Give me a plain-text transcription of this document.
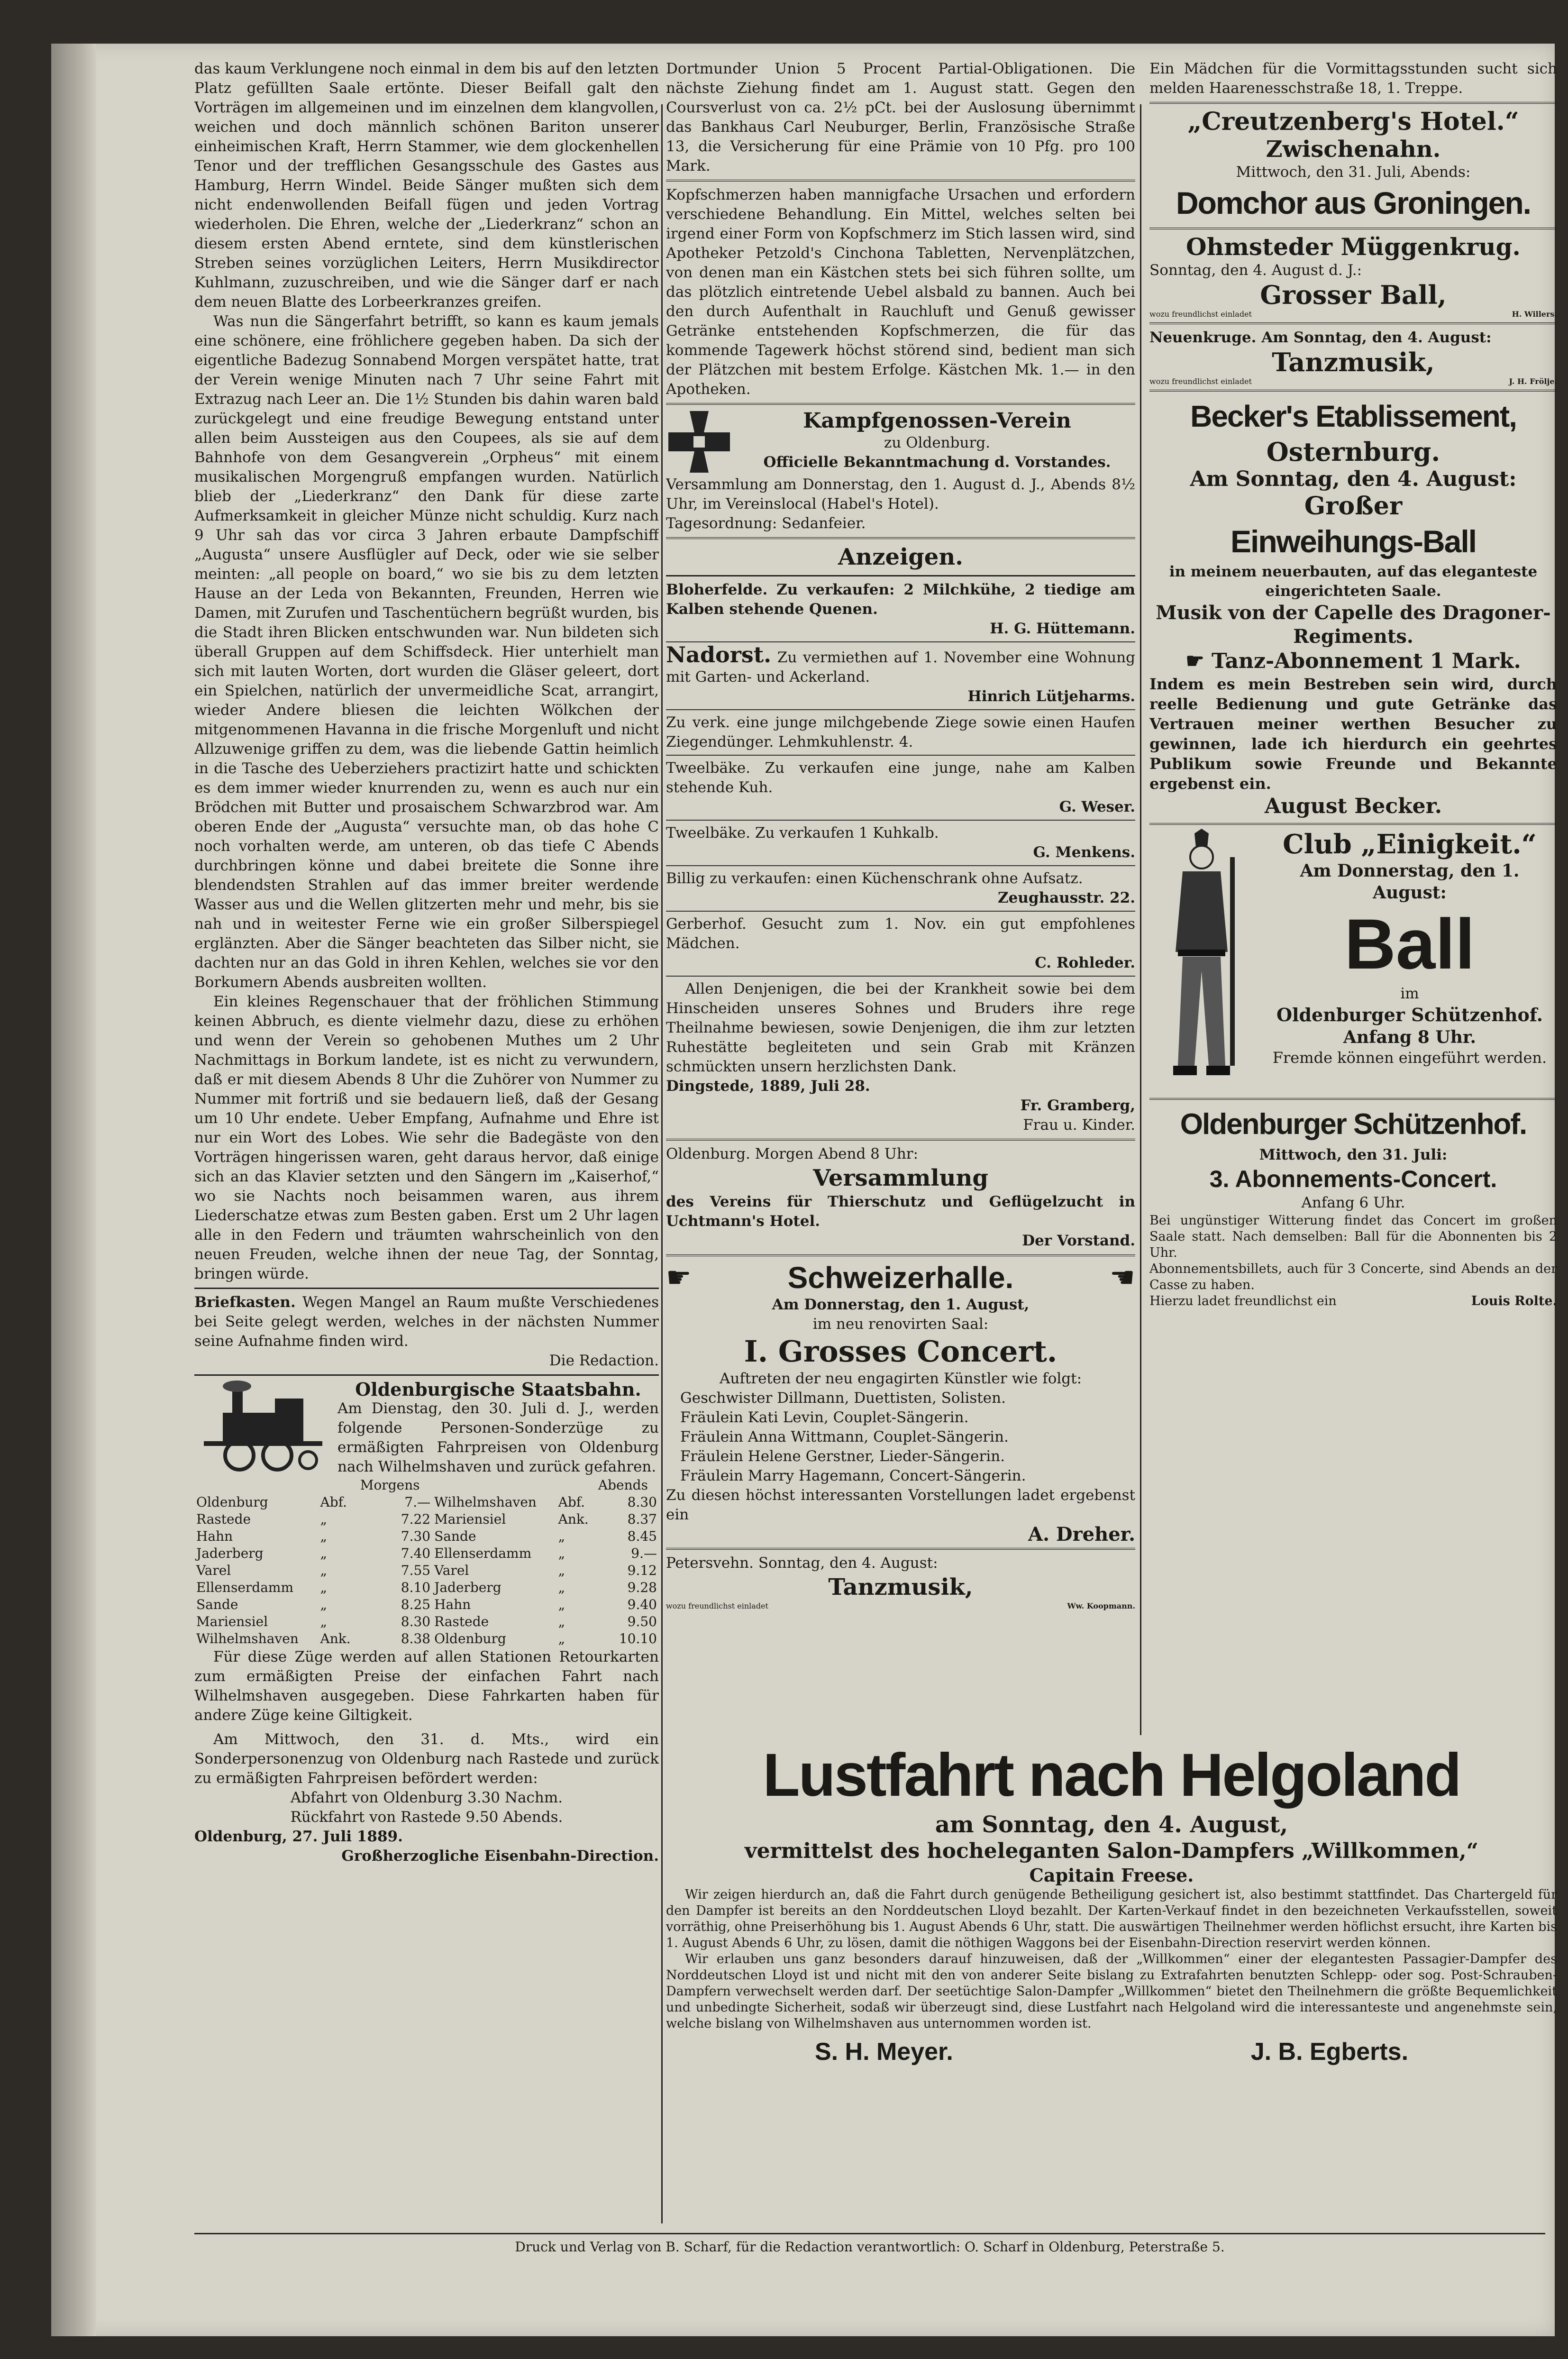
das kaum Verklungene noch einmal in dem bis auf den letzten Platz gefüllten Saale ertönte. Dieser Beifall galt den Vorträgen im allgemeinen und im einzelnen dem klangvollen, weichen und doch männlich schönen Bariton unserer einheimischen Kraft, Herrn Stammer, wie dem glockenhellen Tenor und der trefflichen Gesangsschule des Gastes aus Hamburg, Herrn Windel. Beide Sänger mußten sich dem nicht endenwollenden Beifall fügen und jeden Vortrag wiederholen. Die Ehren, welche der „Liederkranz“ schon an diesem ersten Abend erntete, sind dem künstlerischen Streben seines vorzüglichen Leiters, Herrn Musikdirector Kuhlmann, zuzuschreiben, und wie die Sänger darf er nach dem neuen Blatte des Lorbeerkranzes greifen.

Was nun die Sängerfahrt betrifft, so kann es kaum jemals eine schönere, eine fröhlichere gegeben haben. Da sich der eigentliche Badezug Sonnabend Morgen verspätet hatte, trat der Verein wenige Minuten nach 7 Uhr seine Fahrt mit Extrazug nach Leer an. Die 1½ Stunden bis dahin waren bald zurückgelegt und eine freudige Bewegung entstand unter allen beim Aussteigen aus den Coupees, als sie auf dem Bahnhofe von dem Gesangverein „Orpheus“ mit einem musikalischen Morgengruß empfangen wurden. Natürlich blieb der „Liederkranz“ den Dank für diese zarte Aufmerksamkeit in gleicher Münze nicht schuldig. Kurz nach 9 Uhr sah das vor circa 3 Jahren erbaute Dampfschiff „Augusta“ unsere Ausflügler auf Deck, oder wie sie selber meinten: „all people on board,“ wo sie bis zu dem letzten Hause an der Leda von Bekannten, Freunden, Herren wie Damen, mit Zurufen und Taschentüchern begrüßt wurden, bis die Stadt ihren Blicken entschwunden war. Nun bildeten sich überall Gruppen auf dem Schiffsdeck. Hier unterhielt man sich mit lauten Worten, dort wurden die Gläser geleert, dort ein Spielchen, natürlich der unvermeidliche Scat, arrangirt, wieder Andere bliesen die leichten Wölkchen der mitgenommenen Havanna in die frische Morgenluft und nicht Allzuwenige griffen zu dem, was die liebende Gattin heimlich in die Tasche des Ueberziehers practizirt hatte und schickten es dem immer wieder knurrenden zu, wenn es auch nur ein Brödchen mit Butter und prosaischem Schwarzbrod war. Am oberen Ende der „Augusta“ versuchte man, ob das hohe C noch vorhalten werde, am unteren, ob das tiefe C Abends durchbringen könne und dabei breitete die Sonne ihre blendendsten Strahlen auf das immer breiter werdende Wasser aus und die Wellen glitzerten mehr und mehr, bis sie nah und in weitester Ferne wie ein großer Silberspiegel erglänzten. Aber die Sänger beachteten das Silber nicht, sie dachten nur an das Gold in ihren Kehlen, welches sie vor den Borkumern Abends ausbreiten wollten.

Ein kleines Regenschauer that der fröhlichen Stimmung keinen Abbruch, es diente vielmehr dazu, diese zu erhöhen und wenn der Verein so gehobenen Muthes um 2 Uhr Nachmittags in Borkum landete, ist es nicht zu verwundern, daß er mit diesem Abends 8 Uhr die Zuhörer von Nummer zu Nummer mit fortriß und sie bedauern ließ, daß der Gesang um 10 Uhr endete. Ueber Empfang, Aufnahme und Ehre ist nur ein Wort des Lobes. Wie sehr die Badegäste von den Vorträgen hingerissen waren, geht daraus hervor, daß einige sich an das Klavier setzten und den Sängern im „Kaiserhof,“ wo sie Nachts noch beisammen waren, aus ihrem Liederschatze etwas zum Besten gaben. Erst um 2 Uhr lagen alle in den Federn und träumten wahrscheinlich von den neuen Freuden, welche ihnen der neue Tag, der Sonntag, bringen würde.

Briefkasten. Wegen Mangel an Raum mußte Verschiedenes bei Seite gelegt werden, welches in der nächsten Nummer seine Aufnahme finden wird.

Die Redaction.

Oldenburgische Staatsbahn.

Am Dienstag, den 30. Juli d. J., werden folgende Personen-Sonderzüge zu ermäßigten Fahrpreisen von Oldenburg nach Wilhelmshaven und zurück gefahren.

		Morgens			Abends
Oldenburg	Abf.	7.—	Wilhelmshaven	Abf.	8.30
Rastede	„	7.22	Mariensiel	Ank.	8.37
Hahn	„	7.30	Sande	„	8.45
Jaderberg	„	7.40	Ellenserdamm	„	9.—
Varel	„	7.55	Varel	„	9.12
Ellenserdamm	„	8.10	Jaderberg	„	9.28
Sande	„	8.25	Hahn	„	9.40
Mariensiel	„	8.30	Rastede	„	9.50
Wilhelmshaven	Ank.	8.38	Oldenburg	„	10.10

Für diese Züge werden auf allen Stationen Retourkarten zum ermäßigten Preise der einfachen Fahrt nach Wilhelmshaven ausgegeben. Diese Fahrkarten haben für andere Züge keine Giltigkeit.

Am Mittwoch, den 31. d. Mts., wird ein Sonderpersonenzug von Oldenburg nach Rastede und zurück zu ermäßigten Fahrpreisen befördert werden:

Abfahrt von Oldenburg 3.30 Nachm.

Rückfahrt von Rastede 9.50 Abends.

Oldenburg, 27. Juli 1889.

Großherzogliche Eisenbahn-Direction.

Dortmunder Union 5 Procent Partial-Obligationen. Die nächste Ziehung findet am 1. August statt. Gegen den Coursverlust von ca. 2½ pCt. bei der Auslosung übernimmt das Bankhaus Carl Neuburger, Berlin, Französische Straße 13, die Versicherung für eine Prämie von 10 Pfg. pro 100 Mark.

Kopfschmerzen haben mannigfache Ursachen und erfordern verschiedene Behandlung. Ein Mittel, welches selten bei irgend einer Form von Kopfschmerz im Stich lassen wird, sind Apotheker Petzold's Cinchona Tabletten, Nervenplätzchen, von denen man ein Kästchen stets bei sich führen sollte, um das plötzlich eintretende Uebel alsbald zu bannen. Auch bei den durch Aufenthalt in Rauchluft und Genuß gewisser Getränke entstehenden Kopfschmerzen, die für das kommende Tagewerk höchst störend sind, bedient man sich der Plätzchen mit bestem Erfolge. Kästchen Mk. 1.— in den Apotheken.

Kampfgenossen-Verein

zu Oldenburg.

Officielle Bekanntmachung d. Vorstandes.

Versammlung am Donnerstag, den 1. August d. J., Abends 8½ Uhr, im Vereinslocal (Habel's Hotel).

Tagesordnung: Sedanfeier.

Anzeigen.

Bloherfelde. Zu verkaufen: 2 Milchkühe, 2 tiedige am Kalben stehende Quenen.

H. G. Hüttemann.

Nadorst. Zu vermiethen auf 1. November eine Wohnung mit Garten- und Ackerland.

Hinrich Lütjeharms.

Zu verk. eine junge milchgebende Ziege sowie einen Haufen Ziegendünger. Lehmkuhlenstr. 4.

Tweelbäke. Zu verkaufen eine junge, nahe am Kalben stehende Kuh.

G. Weser.

Tweelbäke. Zu verkaufen 1 Kuhkalb.

G. Menkens.

Billig zu verkaufen: einen Küchenschrank ohne Aufsatz.

Zeughausstr. 22.

Gerberhof. Gesucht zum 1. Nov. ein gut empfohlenes Mädchen.

C. Rohleder.

Allen Denjenigen, die bei der Krankheit sowie bei dem Hinscheiden unseres Sohnes und Bruders ihre rege Theilnahme bewiesen, sowie Denjenigen, die ihm zur letzten Ruhestätte begleiteten und sein Grab mit Kränzen schmückten unsern herzlichsten Dank.

Dingstede, 1889, Juli 28.

Fr. Gramberg,

Frau u. Kinder.

Oldenburg. Morgen Abend 8 Uhr:

Versammlung

des Vereins für Thierschutz und Geflügelzucht in Uchtmann's Hotel.

Der Vorstand.

☛	Schweizerhalle.	☛

Am Donnerstag, den 1. August,

im neu renovirten Saal:

I. Grosses Concert.

Auftreten der neu engagirten Künstler wie folgt:

Geschwister Dillmann, Duettisten, Solisten.

Fräulein Kati Levin, Couplet-Sängerin.

Fräulein Anna Wittmann, Couplet-Sängerin.

Fräulein Helene Gerstner, Lieder-Sängerin.

Fräulein Marry Hagemann, Concert-Sängerin.

Zu diesen höchst interessanten Vorstellungen ladet ergebenst ein

A. Dreher.

Petersvehn. Sonntag, den 4. August:

Tanzmusik,

wozu freundlichst einladet	Ww. Koopmann.

Ein Mädchen für die Vormittagsstunden sucht sich melden Haarenesschstraße 18, 1. Treppe.

„Creutzenberg's Hotel.“

Zwischenahn.

Mittwoch, den 31. Juli, Abends:

Domchor aus Groningen.

Ohmsteder Müggenkrug.

Sonntag, den 4. August d. J.:

Grosser Ball,

wozu freundlichst einladet	H. Willers.

Neuenkruge. Am Sonntag, den 4. August:

Tanzmusik,

wozu freundlichst einladet	J. H. Frölje.

Becker's Etablissement,

Osternburg.

Am Sonntag, den 4. August:

Großer

Einweihungs-Ball

in meinem neuerbauten, auf das eleganteste eingerichteten Saale.

Musik von der Capelle des Dragoner-Regiments.

☛ Tanz-Abonnement 1 Mark.

Indem es mein Bestreben sein wird, durch reelle Bedienung und gute Getränke das Vertrauen meiner werthen Besucher zu gewinnen, lade ich hierdurch ein geehrtes Publikum sowie Freunde und Bekannte ergebenst ein.

August Becker.

Club „Einigkeit.“

Am Donnerstag, den 1. August:

Ball

im

Oldenburger Schützenhof.

Anfang 8 Uhr.

Fremde können eingeführt werden.

Oldenburger Schützenhof.

Mittwoch, den 31. Juli:

3. Abonnements-Concert.

Anfang 6 Uhr.

Bei ungünstiger Witterung findet das Concert im großen Saale statt. Nach demselben: Ball für die Abonnenten bis 2 Uhr.

Abonnementsbillets, auch für 3 Concerte, sind Abends an der Casse zu haben.

Hierzu ladet freundlichst ein	Louis Rolte.

Lustfahrt nach Helgoland

am Sonntag, den 4. August,

vermittelst des hocheleganten Salon-Dampfers „Willkommen,“

Capitain Freese.

Wir zeigen hierdurch an, daß die Fahrt durch genügende Betheiligung gesichert ist, also bestimmt stattfindet. Das Chartergeld für den Dampfer ist bereits an den Norddeutschen Lloyd bezahlt. Der Karten-Verkauf findet in den bezeichneten Verkaufsstellen, soweit vorräthig, ohne Preiserhöhung bis 1. August Abends 6 Uhr, statt. Die auswärtigen Theilnehmer werden höflichst ersucht, ihre Karten bis 1. August Abends 6 Uhr, zu lösen, damit die nöthigen Waggons bei der Eisenbahn-Direction reservirt werden können.

Wir erlauben uns ganz besonders darauf hinzuweisen, daß der „Willkommen“ einer der elegantesten Passagier-Dampfer des Norddeutschen Lloyd ist und nicht mit den von anderer Seite bislang zu Extrafahrten benutzten Schlepp- oder sog. Post-Schrauben-Dampfern verwechselt werden darf. Der seetüchtige Salon-Dampfer „Willkommen“ bietet den Theilnehmern die größte Bequemlichkeit und unbedingte Sicherheit, sodaß wir überzeugt sind, diese Lustfahrt nach Helgoland wird die interessanteste und angenehmste sein, welche bislang von Wilhelmshaven aus unternommen worden ist.

S. H. Meyer.	J. B. Egberts.
Druck und Verlag von B. Scharf, für die Redaction verantwortlich: O. Scharf in Oldenburg, Peterstraße 5.
